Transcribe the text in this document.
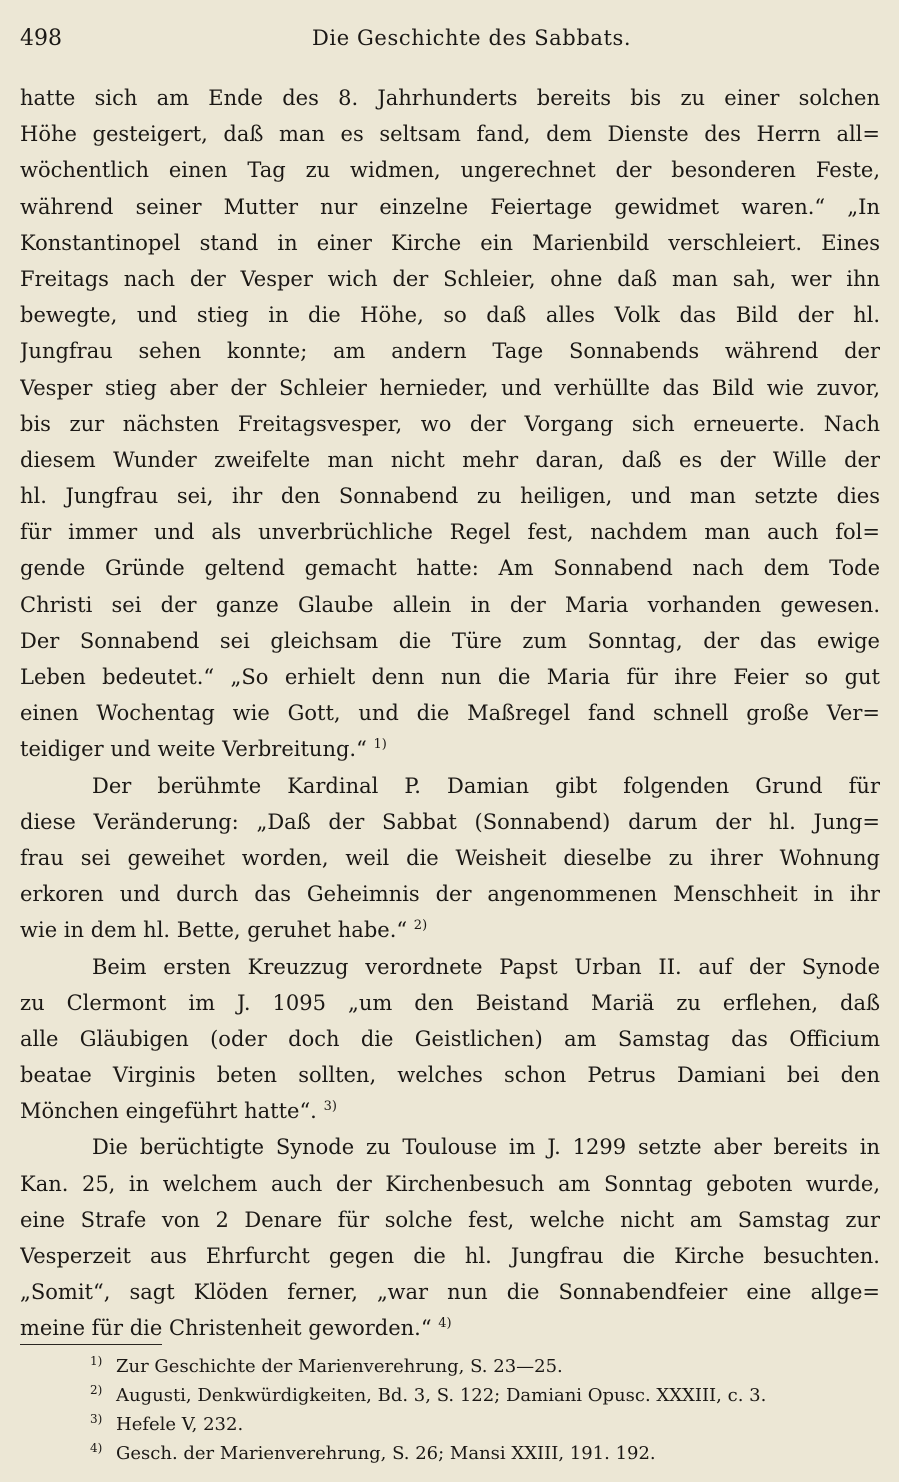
498	Die Geschichte des Sabbats.
hatte sich am Ende des 8. Jahrhunderts bereits bis zu einer solchen
Höhe gesteigert, daß man es seltsam fand, dem Dienste des Herrn all=
wöchentlich einen Tag zu widmen, ungerechnet der besonderen Feste,
während seiner Mutter nur einzelne Feiertage gewidmet waren.“ „In
Konstantinopel stand in einer Kirche ein Marienbild verschleiert. Eines
Freitags nach der Vesper wich der Schleier, ohne daß man sah, wer ihn
bewegte, und stieg in die Höhe, so daß alles Volk das Bild der hl.
Jungfrau sehen konnte; am andern Tage Sonnabends während der
Vesper stieg aber der Schleier hernieder, und verhüllte das Bild wie zuvor,
bis zur nächsten Freitagsvesper, wo der Vorgang sich erneuerte. Nach
diesem Wunder zweifelte man nicht mehr daran, daß es der Wille der
hl. Jungfrau sei, ihr den Sonnabend zu heiligen, und man setzte dies
für immer und als unverbrüchliche Regel fest, nachdem man auch fol=
gende Gründe geltend gemacht hatte: Am Sonnabend nach dem Tode
Christi sei der ganze Glaube allein in der Maria vorhanden gewesen.
Der Sonnabend sei gleichsam die Türe zum Sonntag, der das ewige
Leben bedeutet.“ „So erhielt denn nun die Maria für ihre Feier so gut
einen Wochentag wie Gott, und die Maßregel fand schnell große Ver=
teidiger und weite Verbreitung.“ $^{1)}$
Der berühmte Kardinal P. Damian gibt folgenden Grund für
diese Veränderung: „Daß der Sabbat (Sonnabend) darum der hl. Jung=
frau sei geweihet worden, weil die Weisheit dieselbe zu ihrer Wohnung
erkoren und durch das Geheimnis der angenommenen Menschheit in ihr
wie in dem hl. Bette, geruhet habe.“ $^{2)}$
Beim ersten Kreuzzug verordnete Papst Urban II. auf der Synode
zu Clermont im J. 1095 „um den Beistand Mariä zu erflehen, daß
alle Gläubigen (oder doch die Geistlichen) am Samstag das Officium
beatae Virginis beten sollten, welches schon Petrus Damiani bei den
Mönchen eingeführt hatte“. $^{3)}$
Die berüchtigte Synode zu Toulouse im J. 1299 setzte aber bereits in
Kan. 25, in welchem auch der Kirchenbesuch am Sonntag geboten wurde,
eine Strafe von 2 Denare für solche fest, welche nicht am Samstag zur
Vesperzeit aus Ehrfurcht gegen die hl. Jungfrau die Kirche besuchten.
„Somit“, sagt Klöden ferner, „war nun die Sonnabendfeier eine allge=
meine für die Christenheit geworden.“ $^{4)}$
1) Zur Geschichte der Marienverehrung, S. 23—25.
2) Augusti, Denkwürdigkeiten, Bd. 3, S. 122; Damiani Opusc. XXXIII, c. 3.
3) Hefele V, 232.
4) Gesch. der Marienverehrung, S. 26; Mansi XXIII, 191. 192.
